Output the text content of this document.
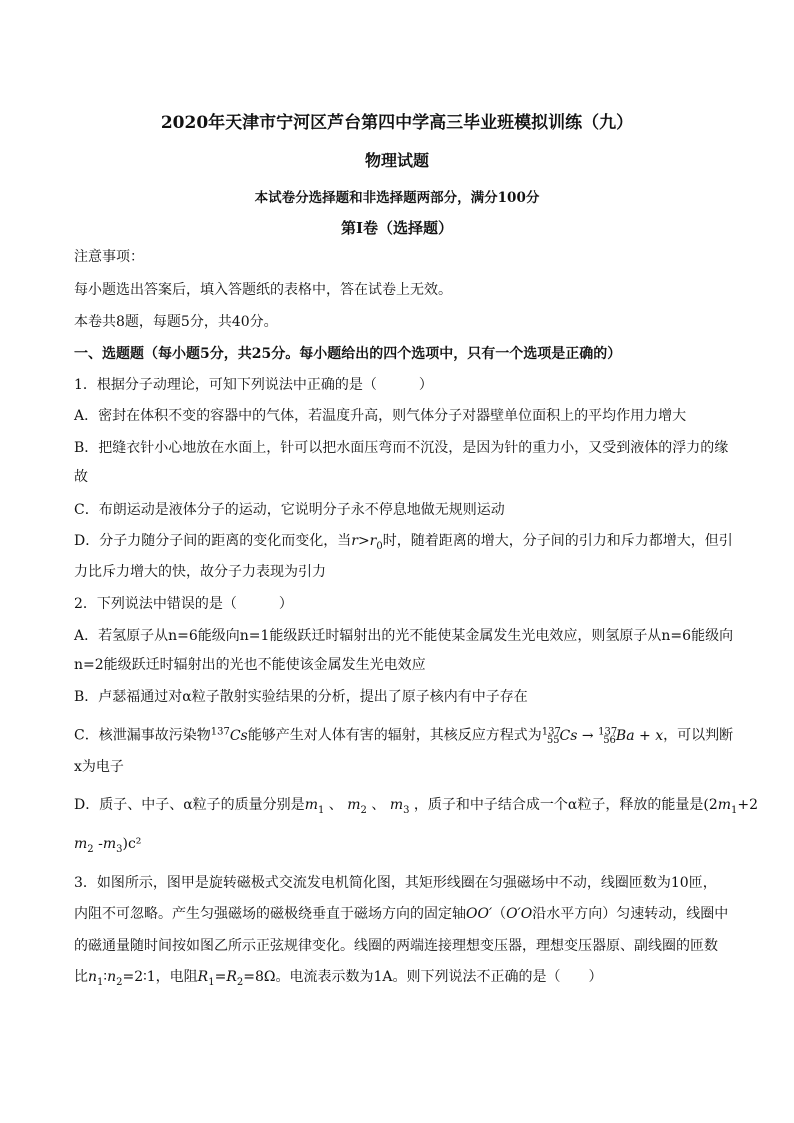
2020年天津市宁河区芦台第四中学高三毕业班模拟训练（九）
物理试题
本试卷分选择题和非选择题两部分，满分100分
第Ⅰ卷（选择题）
注意事项：
每小题选出答案后，填入答题纸的表格中，答在试卷上无效。
本卷共8题，每题5分，共40分。
一、选题题（每小题5分，共25分。每小题给出的四个选项中，只有一个选项是正确的）
1．根据分子动理论，可知下列说法中正确的是（　　　）
A．密封在体积不变的容器中的气体，若温度升高，则气体分子对器壁单位面积上的平均作用力增大
B．把缝衣针小心地放在水面上，针可以把水面压弯而不沉没，是因为针的重力小，又受到液体的浮力的缘
故
C．布朗运动是液体分子的运动，它说明分子永不停息地做无规则运动
D．分子力随分子间的距离的变化而变化，当$r>r_0$时，随着距离的增大，分子间的引力和斥力都增大，但引
力比斥力增大的快，故分子力表现为引力
2．下列说法中错误的是（　　　）
A．若氢原子从n=6能级向n=1能级跃迁时辐射出的光不能使某金属发生光电效应，则氢原子从n=6能级向
n=2能级跃迁时辐射出的光也不能使该金属发生光电效应
B．卢瑟福通过对α粒子散射实验结果的分析，提出了原子核内有中子存在
C．核泄漏事故污染物$^{137}$Cs能够产生对人体有害的辐射，其核反应方程式为$^{137}_{55}$Cs → $^{137}_{56}$Ba + x，可以判断
x为电子
D．质子、中子、α粒子的质量分别是$m_1$ 、 $m_2$ 、 $m_3$ ，质子和中子结合成一个α粒子，释放的能量是($2m_1+2$
$m_2$ $-m_3)c^2$
3．如图所示，图甲是旋转磁极式交流发电机简化图，其矩形线圈在匀强磁场中不动，线圈匝数为10匝，
内阻不可忽略。产生匀强磁场的磁极绕垂直于磁场方向的固定轴OO′（O′O沿水平方向）匀速转动，线圈中
的磁通量随时间按如图乙所示正弦规律变化。线圈的两端连接理想变压器，理想变压器原、副线圈的匝数
比$n_1∶n_2=2∶1$，电阻$R_1=R_2=8\Omega$。电流表示数为1A。则下列说法不正确的是（　　）
